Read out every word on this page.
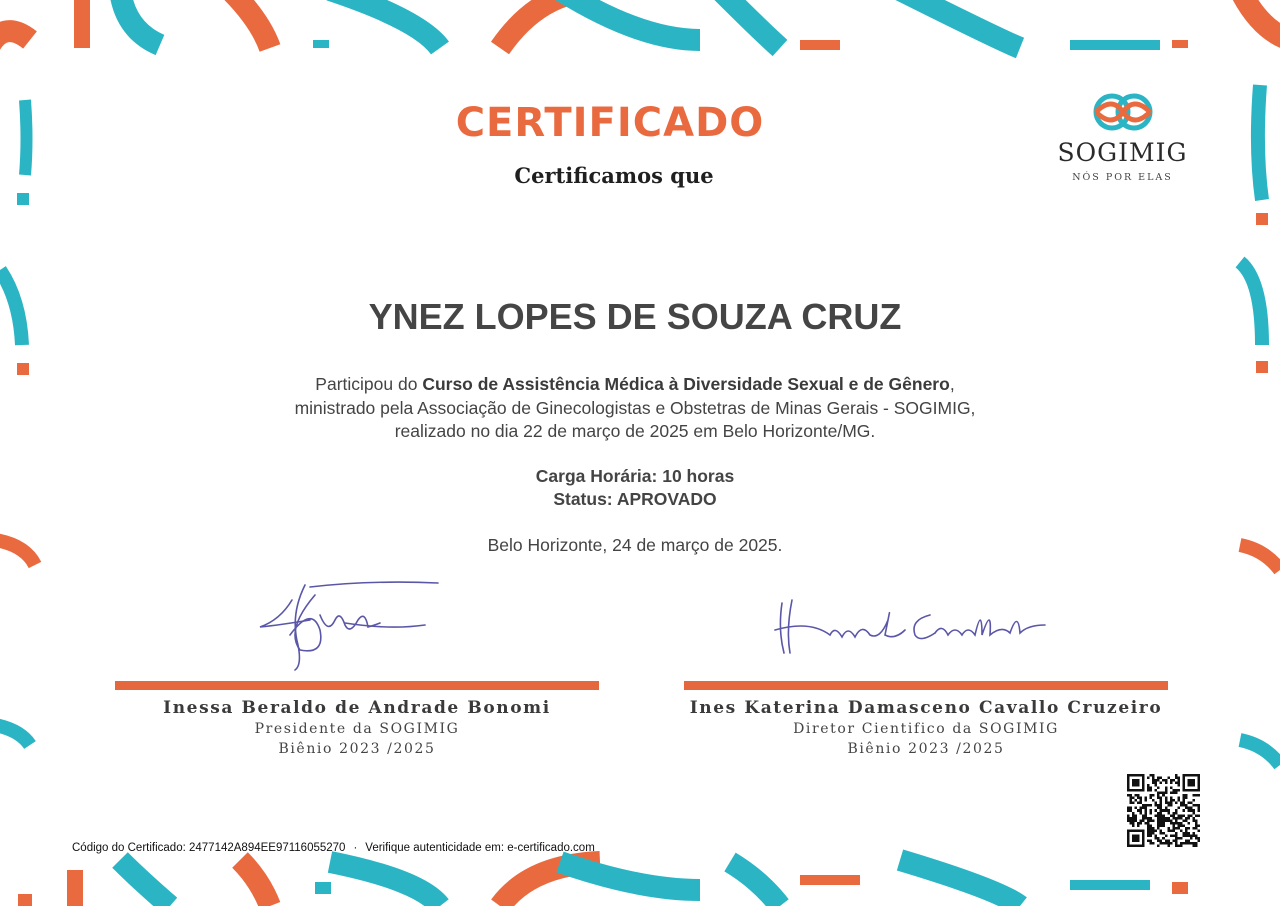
CERTIFICADO
Certificamos que
SOGIMIG
NÓS POR ELAS
YNEZ LOPES DE SOUZA CRUZ
Participou do Curso de Assistência Médica à Diversidade Sexual e de Gênero,
ministrado pela Associação de Ginecologistas e Obstetras de Minas Gerais - SOGIMIG,
realizado no dia 22 de março de 2025 em Belo Horizonte/MG.
Carga Horária: 10 horas
Status: APROVADO
Belo Horizonte, 24 de março de 2025.
Inessa Beraldo de Andrade Bonomi
Presidente da SOGIMIG
Biênio 2023 /2025
Ines Katerina Damasceno Cavallo Cruzeiro
Diretor Cientifico da SOGIMIG
Biênio 2023 /2025
Código do Certificado: 2477142A894EE97116055270 · Verifique autenticidade em: e-certificado.com
